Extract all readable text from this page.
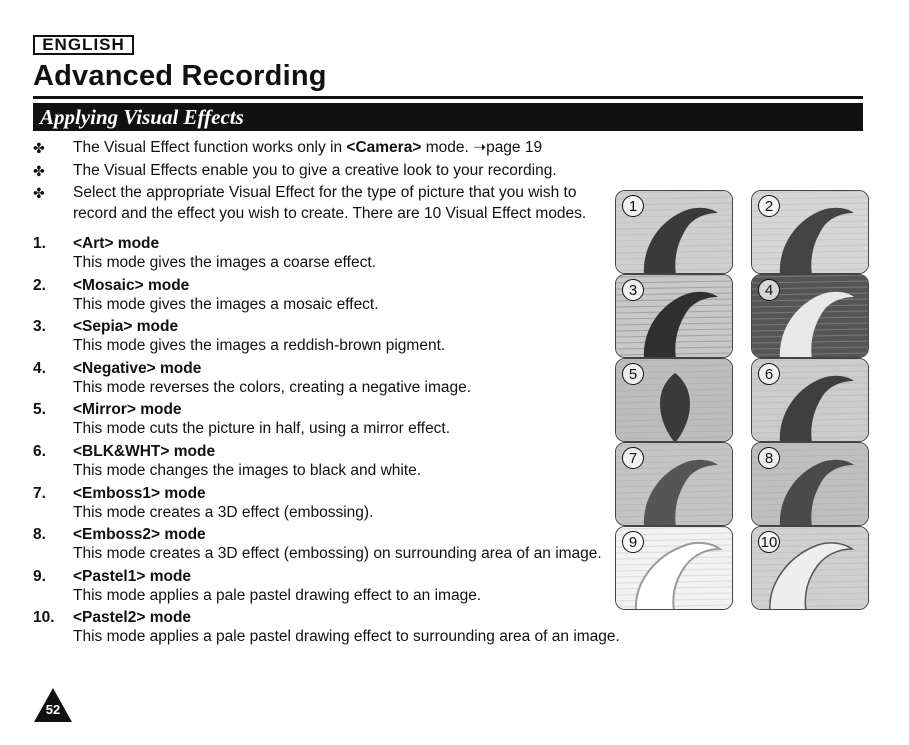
ENGLISH
Advanced Recording
Applying Visual Effects
✤ The Visual Effect function works only in <Camera> mode. ➝page 19
✤ The Visual Effects enable you to give a creative look to your recording.
✤ Select the appropriate Visual Effect for the type of picture that you wish to record and the effect you wish to create. There are 10 Visual Effect modes.
1. <Art> mode
This mode gives the images a coarse effect.
2. <Mosaic> mode
This mode gives the images a mosaic effect.
3. <Sepia> mode
This mode gives the images a reddish-brown pigment.
4. <Negative> mode
This mode reverses the colors, creating a negative image.
5. <Mirror> mode
This mode cuts the picture in half, using a mirror effect.
6. <BLK&WHT> mode
This mode changes the images to black and white.
7. <Emboss1> mode
This mode creates a 3D effect (embossing).
8. <Emboss2> mode
This mode creates a 3D effect (embossing) on surrounding area of an image.
9. <Pastel1> mode
This mode applies a pale pastel drawing effect to an image.
10. <Pastel2> mode
This mode applies a pale pastel drawing effect to surrounding area of an image.
1	2
3	4
5	6
7	8
9	10
52
